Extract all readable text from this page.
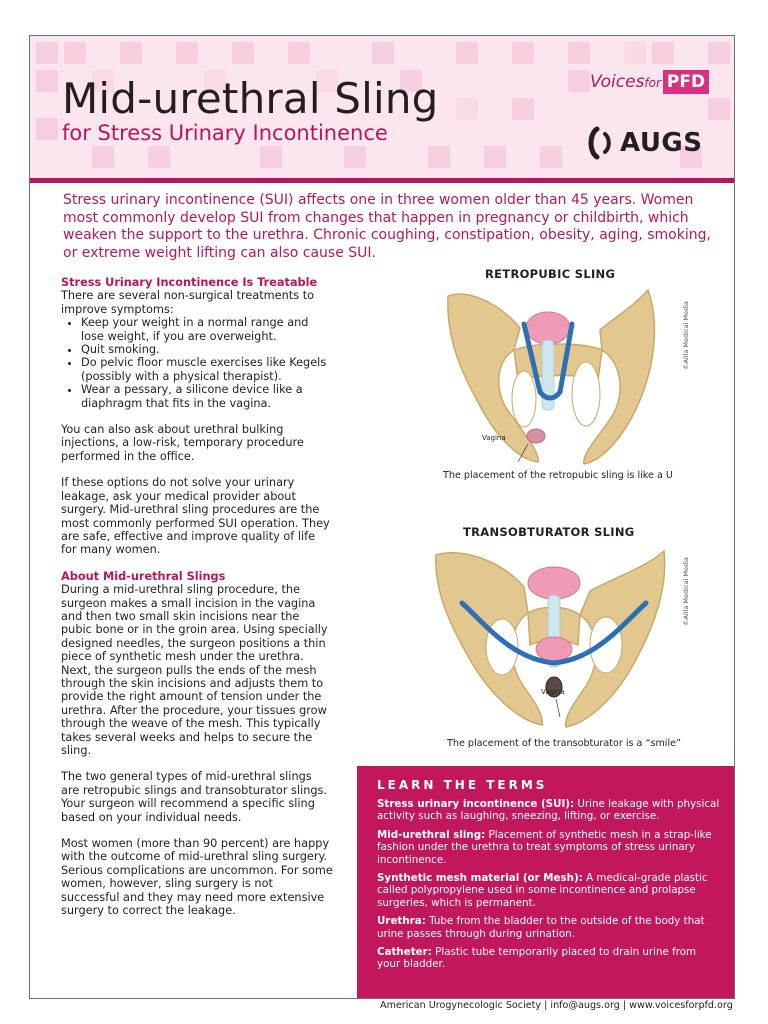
Mid-urethral Sling
for Stress Urinary Incontinence
Voicesfor PFD
AUGS

Stress urinary incontinence (SUI) affects one in three women older than 45 years. Women most commonly develop SUI from changes that happen in pregnancy or childbirth, which weaken the support to the urethra. Chronic coughing, constipation, obesity, aging, smoking, or extreme weight lifting can also cause SUI.

Stress Urinary Incontinence Is Treatable

There are several non-surgical treatments to improve symptoms:

• Keep your weight in a normal range and lose weight, if you are overweight.
• Quit smoking.
• Do pelvic floor muscle exercises like Kegels (possibly with a physical therapist).
• Wear a pessary, a silicone device like a diaphragm that fits in the vagina.

You can also ask about urethral bulking injections, a low-risk, temporary procedure performed in the office.

If these options do not solve your urinary leakage, ask your medical provider about surgery. Mid-urethral sling procedures are the most commonly performed SUI operation. They are safe, effective and improve quality of life for many women.

About Mid-urethral Slings

During a mid-urethral sling procedure, the surgeon makes a small incision in the vagina and then two small skin incisions near the pubic bone or in the groin area. Using specially designed needles, the surgeon positions a thin piece of synthetic mesh under the urethra. Next, the surgeon pulls the ends of the mesh through the skin incisions and adjusts them to provide the right amount of tension under the urethra. After the procedure, your tissues grow through the weave of the mesh. This typically takes several weeks and helps to secure the sling.

The two general types of mid-urethral slings are retropubic slings and transobturator slings. Your surgeon will recommend a specific sling based on your individual needs.

Most women (more than 90 percent) are happy with the outcome of mid-urethral sling surgery. Serious complications are uncommon. For some women, however, sling surgery is not successful and they may need more extensive surgery to correct the leakage.

RETROPUBIC SLING
Vagina
©Alila Medical Media
The placement of the retropubic sling is like a U
TRANSOBTURATOR SLING
Vagina
©Alila Medical Media
The placement of the transobturator is a “smile”
LEARN THE TERMS
Stress urinary incontinence (SUI): Urine leakage with physical activity such as laughing, sneezing, lifting, or exercise.
Mid-urethral sling: Placement of synthetic mesh in a strap-like fashion under the urethra to treat symptoms of stress urinary incontinence.
Synthetic mesh material (or Mesh): A medical-grade plastic called polypropylene used in some incontinence and prolapse surgeries, which is permanent.
Urethra: Tube from the bladder to the outside of the body that urine passes through during urination.
Catheter: Plastic tube temporarily placed to drain urine from your bladder.
American Urogynecologic Society | info@augs.org | www.voicesforpfd.org
